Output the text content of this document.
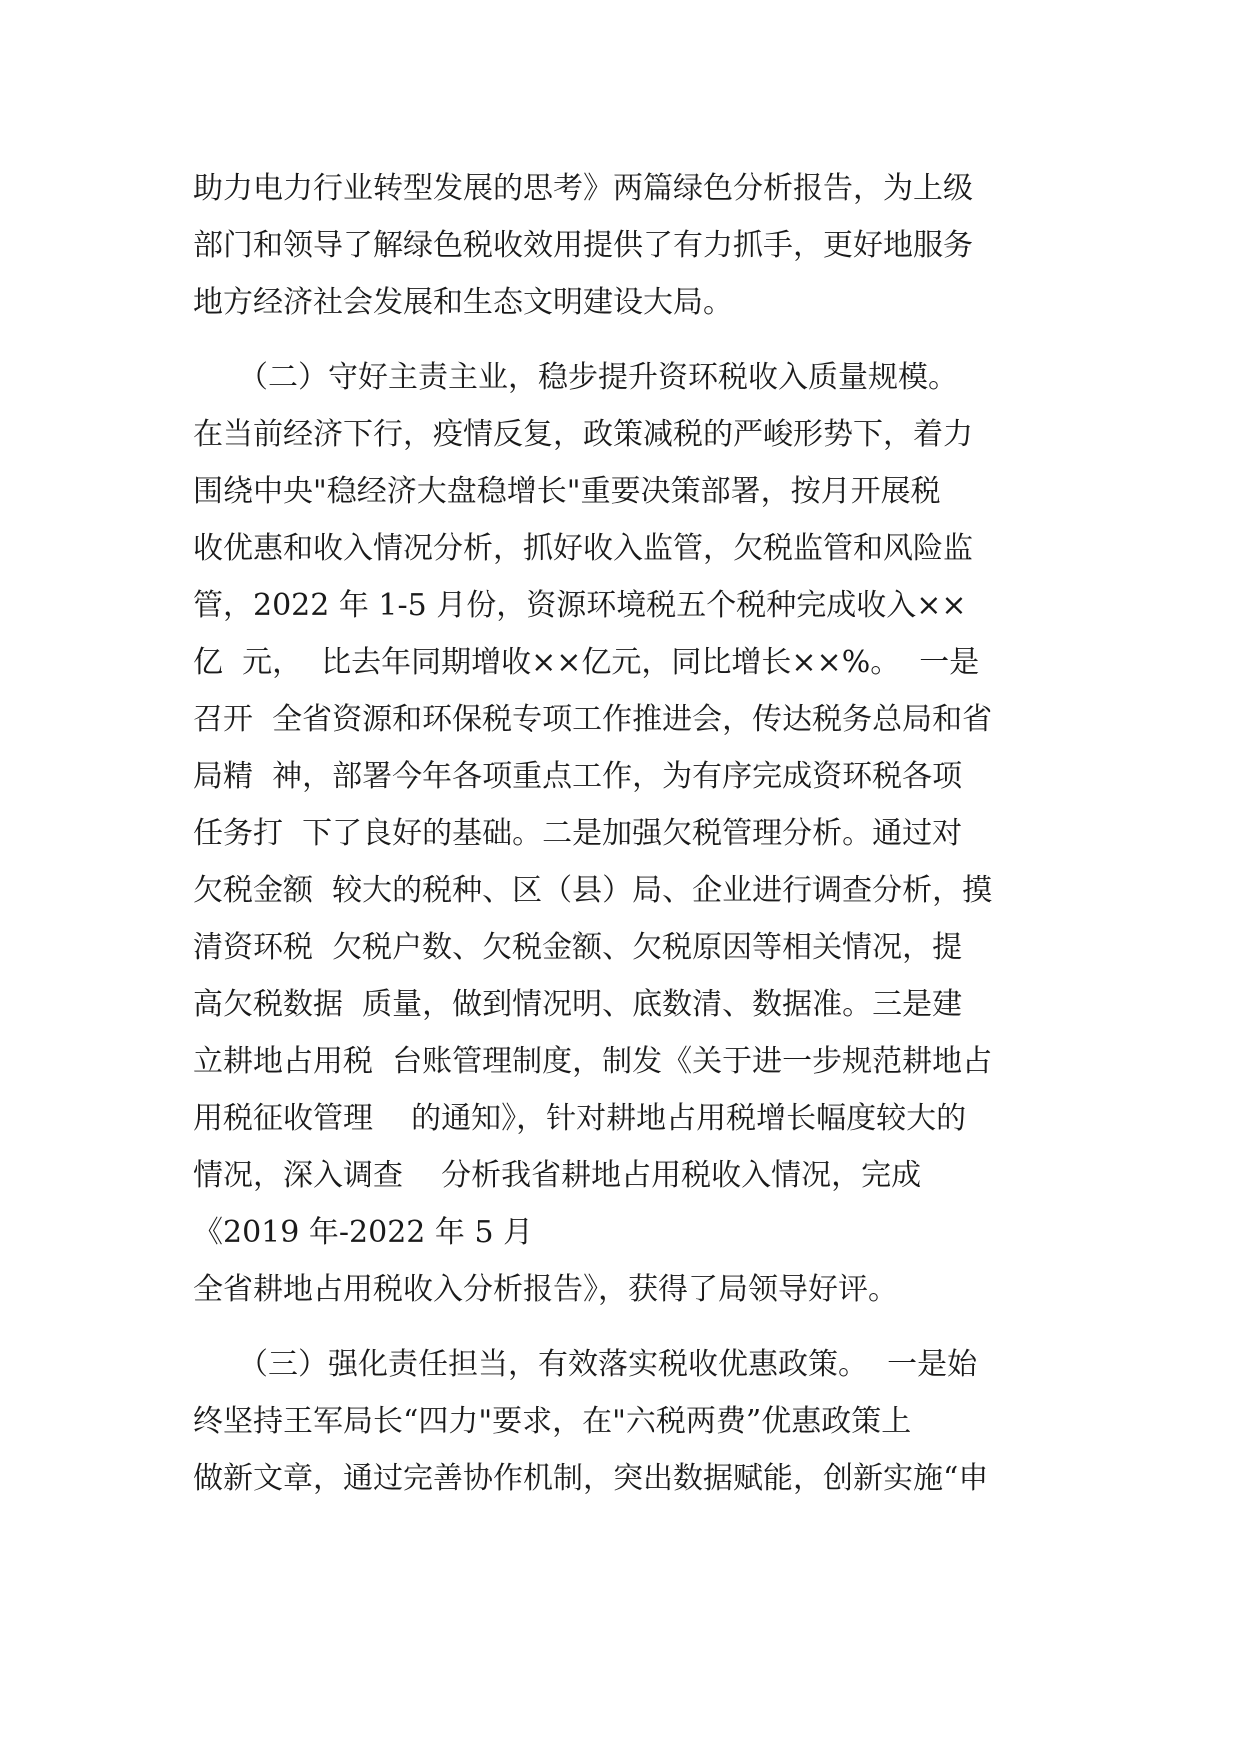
助力电力行业转型发展的思考》两篇绿色分析报告，为上级
部门和领导了解绿色税收效用提供了有力抓手，更好地服务
地方经济社会发展和生态文明建设大局。
　　（二）守好主责主业，稳步提升资环税收入质量规模。
在当前经济下行，疫情反复，政策减税的严峻形势下，着力
围绕中央"稳经济大盘稳增长"重要决策部署，按月开展税
收优惠和收入情况分析，抓好收入监管，欠税监管和风险监
管，2022 年 1-5 月份，资源环境税五个税种完成收入××
亿  元，  比去年同期增收××亿元，同比增长××%。  一是
召开  全省资源和环保税专项工作推进会，传达税务总局和省
局精  神，部署今年各项重点工作，为有序完成资环税各项
任务打  下了良好的基础。二是加强欠税管理分析。通过对
欠税金额  较大的税种、区（县）局、企业进行调查分析，摸
清资环税  欠税户数、欠税金额、欠税原因等相关情况，提
高欠税数据  质量，做到情况明、底数清、数据准。三是建
立耕地占用税  台账管理制度，制发《关于进一步规范耕地占
用税征收管理    的通知》，针对耕地占用税增长幅度较大的
情况，深入调查    分析我省耕地占用税收入情况，完成
《2019 年-2022 年 5 月
全省耕地占用税收入分析报告》，获得了局领导好评。
　　（三）强化责任担当，有效落实税收优惠政策。  一是始
终坚持王军局长“四力"要求，在"六税两费”优惠政策上
做新文章，通过完善协作机制，突出数据赋能，创新实施“申
